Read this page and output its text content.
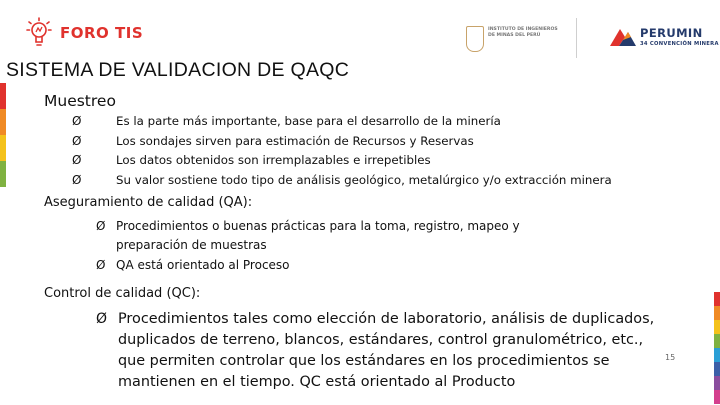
FORO TIS	INSTITUTO DE INGENIEROS DE MINAS DEL PERÚ	PERUMIN
34 CONVENCIÓN MINERA
SISTEMA DE VALIDACION DE QAQC
Muestreo
Ø	Es la parte más importante, base para el desarrollo de la minería
Ø	Los sondajes sirven para estimación de Recursos y Reservas
Ø	Los datos obtenidos son irremplazables e irrepetibles
Ø	Su valor sostiene todo tipo de análisis geológico, metalúrgico y/o extracción minera
Aseguramiento de calidad (QA):
Ø Procedimientos o buenas prácticas para la toma, registro, mapeo y preparación de muestras
Ø QA está orientado al Proceso
Control de calidad (QC):
Ø Procedimientos tales como elección de laboratorio, análisis de duplicados, duplicados de terreno, blancos, estándares, control granulométrico, etc., que permiten controlar que los estándares en los procedimientos se mantienen en el tiempo. QC está orientado al Producto
15
